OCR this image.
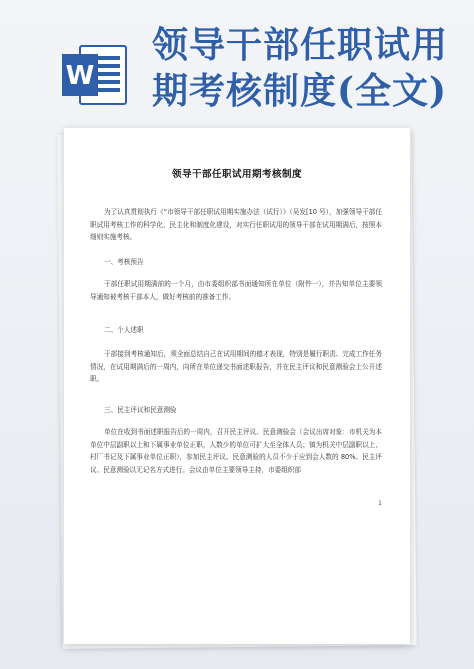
W
领导干部任职试用
期考核制度(全文)
领导干部任职试用期考核制度
为了认真贯彻执行《“市领导干部任职试用期实施办法（试行）》（吴发[10 号），加强领导干部任职试用考核工作的科学化、民主化和制度化建设，对实行任职试用的领导干部在试用期满后，按照本细则实施考核。
一、考核预告
干部任职试用期满前的一个月，由市委组织部书面通知所在单位（附件一），并告知单位主要领导通知被考核干部本人，做好考核前的准备工作。
二、个人述职
干部接到考核通知后，须全面总结自己在试用期间的德才表现，特别是履行职责、完成工作任务情况，在试用期满后的一周内，向所在单位递交书面述职报告，并在民主评议和民意测验会上公开述职。
三、民主评议和民意测验
单位在收到书面述职报告后的一周内，召开民主评议、民意测验会（会议出席对象：市机关为本单位中层副职以上和下属事业单位正职，人数少的单位可扩大至全体人员；镇为机关中层副职以上、村厂书记及下属事业单位正职），参加民主评议、民意测验的人员不少于应到会人数的 80%。民主评议、民意测验以无记名方式进行。会议由单位主要领导主持，市委组织部
1
